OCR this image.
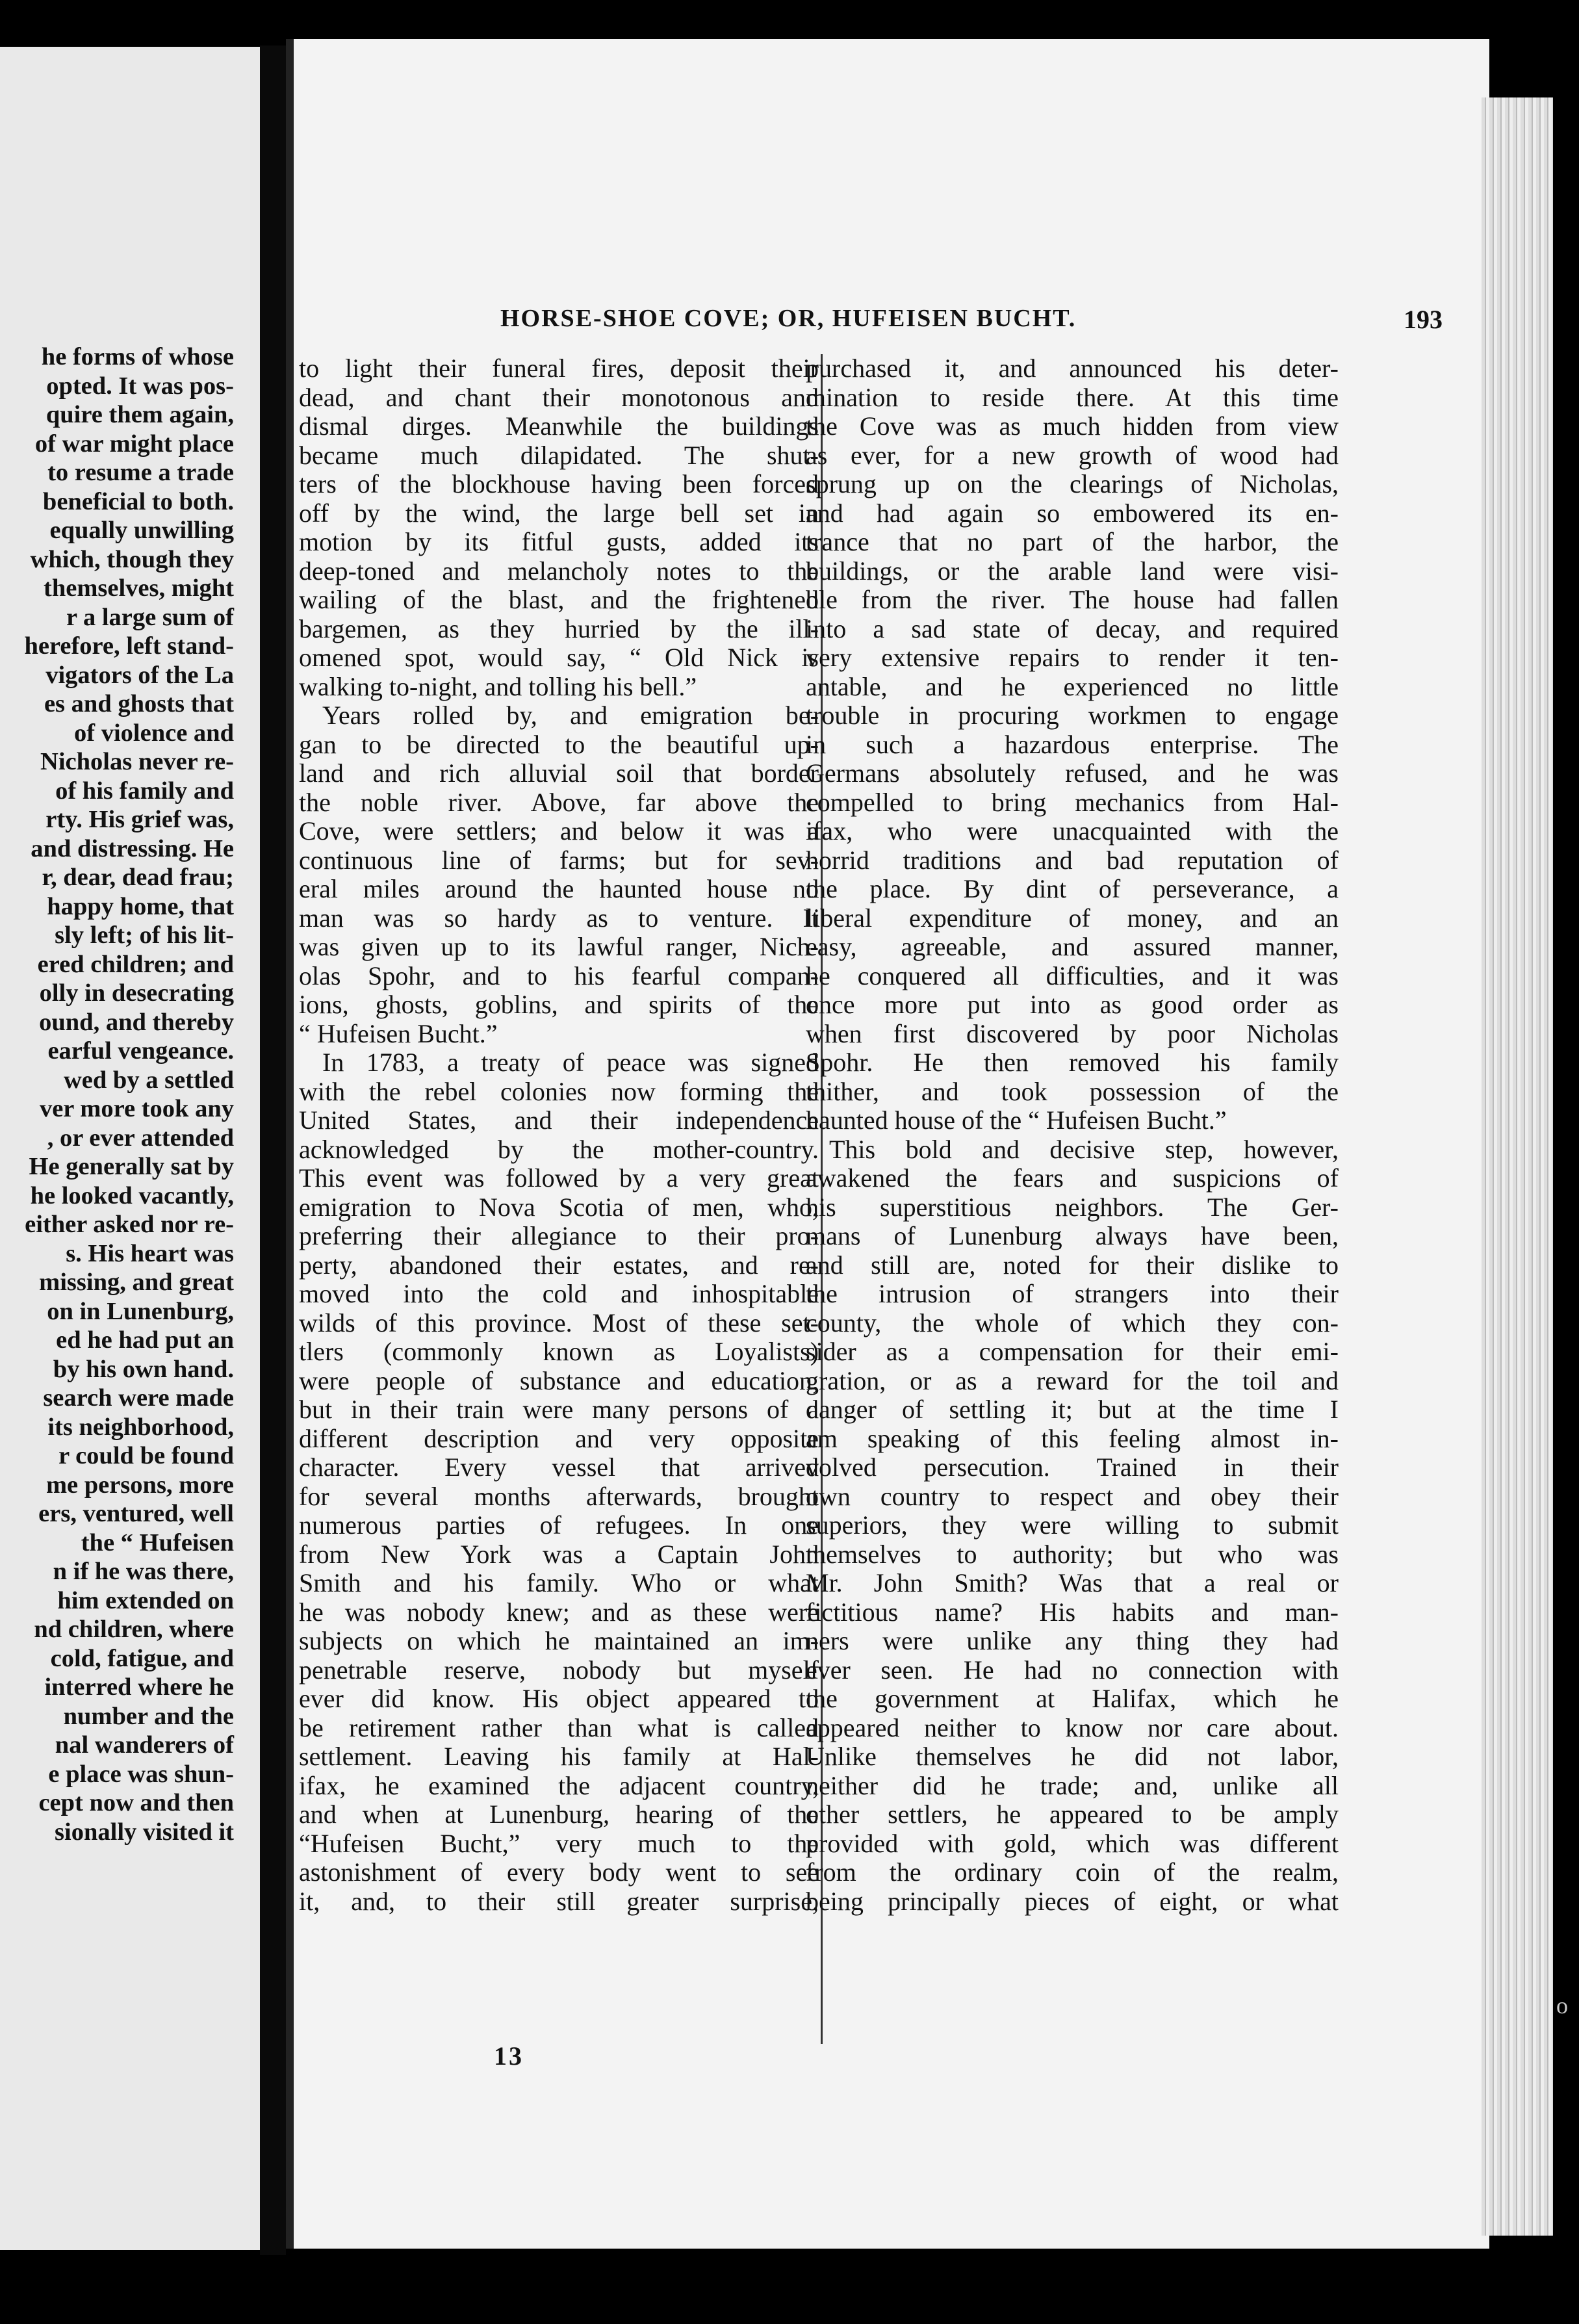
he forms of whose
opted. It was pos-
quire them again,
of war might place
to resume a trade
beneficial to both.
equally unwilling
which, though they
themselves, might
r a large sum of
herefore, left stand-
vigators of the La
es and ghosts that
of violence and
Nicholas never re-
of his family and
rty. His grief was,
and distressing. He
r, dear, dead frau;
happy home, that
sly left; of his lit-
ered children; and
olly in desecrating
ound, and thereby
earful vengeance.
wed by a settled
ver more took any
, or ever attended
He generally sat by
he looked vacantly,
either asked nor re-
s. His heart was
missing, and great
on in Lunenburg,
ed he had put an
by his own hand.
search were made
its neighborhood,
r could be found
me persons, more
ers, ventured, well
the “ Hufeisen
n if he was there,
him extended on
nd children, where
cold, fatigue, and
interred where he
number and the
nal wanderers of
e place was shun-
cept now and then
sionally visited it
HORSE-SHOE COVE; OR, HUFEISEN BUCHT.	193
to light their funeral fires, deposit their
dead, and chant their monotonous and
dismal dirges. Meanwhile the buildings
became much dilapidated. The shut-
ters of the blockhouse having been forced
off by the wind, the large bell set in
motion by its fitful gusts, added its
deep-toned and melancholy notes to the
wailing of the blast, and the frightened
bargemen, as they hurried by the ill-
omened spot, would say, “ Old Nick is
walking to-night, and tolling his bell.”
Years rolled by, and emigration be-
gan to be directed to the beautiful up-
land and rich alluvial soil that border
the noble river. Above, far above the
Cove, were settlers; and below it was a
continuous line of farms; but for sev-
eral miles around the haunted house no
man was so hardy as to venture. It
was given up to its lawful ranger, Nich-
olas Spohr, and to his fearful compan-
ions, ghosts, goblins, and spirits of the
“ Hufeisen Bucht.”
In 1783, a treaty of peace was signed
with the rebel colonies now forming the
United States, and their independence
acknowledged by the mother-country.
This event was followed by a very great
emigration to Nova Scotia of men, who,
preferring their allegiance to their pro-
perty, abandoned their estates, and re-
moved into the cold and inhospitable
wilds of this province. Most of these set-
tlers (commonly known as Loyalists)
were people of substance and education,
but in their train were many persons of a
different description and very opposite
character. Every vessel that arrived
for several months afterwards, brought
numerous parties of refugees. In one
from New York was a Captain John
Smith and his family. Who or what
he was nobody knew; and as these were
subjects on which he maintained an im-
penetrable reserve, nobody but myself
ever did know. His object appeared to
be retirement rather than what is called
settlement. Leaving his family at Hal-
ifax, he examined the adjacent country,
and when at Lunenburg, hearing of the
“Hufeisen Bucht,” very much to the
astonishment of every body went to see
it, and, to their still greater surprise,
purchased it, and announced his deter-
mination to reside there. At this time
the Cove was as much hidden from view
as ever, for a new growth of wood had
sprung up on the clearings of Nicholas,
and had again so embowered its en-
trance that no part of the harbor, the
buildings, or the arable land were visi-
ble from the river. The house had fallen
into a sad state of decay, and required
very extensive repairs to render it ten-
antable, and he experienced no little
trouble in procuring workmen to engage
in such a hazardous enterprise. The
Germans absolutely refused, and he was
compelled to bring mechanics from Hal-
ifax, who were unacquainted with the
horrid traditions and bad reputation of
the place. By dint of perseverance, a
liberal expenditure of money, and an
easy, agreeable, and assured manner,
he conquered all difficulties, and it was
once more put into as good order as
when first discovered by poor Nicholas
Spohr. He then removed his family
thither, and took possession of the
haunted house of the “ Hufeisen Bucht.”
This bold and decisive step, however,
awakened the fears and suspicions of
his superstitious neighbors. The Ger-
mans of Lunenburg always have been,
and still are, noted for their dislike to
the intrusion of strangers into their
county, the whole of which they con-
sider as a compensation for their emi-
gration, or as a reward for the toil and
danger of settling it; but at the time I
am speaking of this feeling almost in-
volved persecution. Trained in their
own country to respect and obey their
superiors, they were willing to submit
themselves to authority; but who was
Mr. John Smith? Was that a real or
fictitious name? His habits and man-
ners were unlike any thing they had
ever seen. He had no connection with
the government at Halifax, which he
appeared neither to know nor care about.
Unlike themselves he did not labor,
neither did he trade; and, unlike all
other settlers, he appeared to be amply
provided with gold, which was different
from the ordinary coin of the realm,
being principally pieces of eight, or what
13
o
